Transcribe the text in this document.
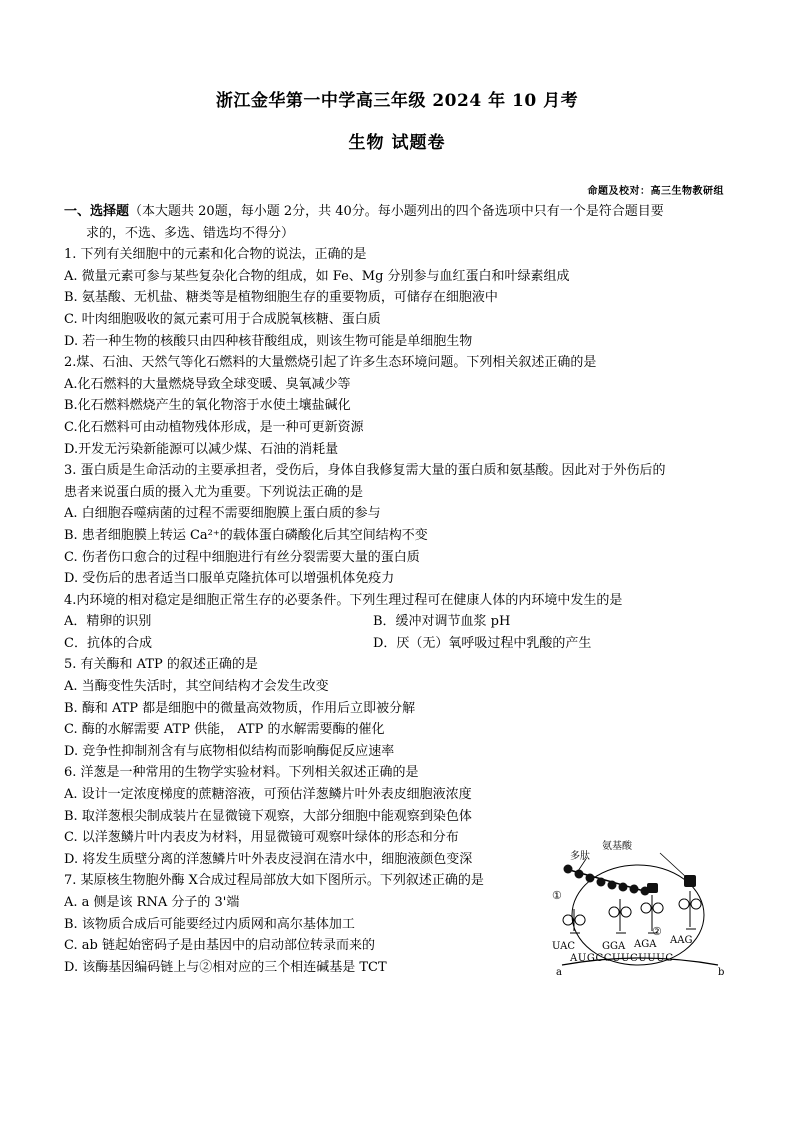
浙江金华第一中学高三年级 2024 年 10 月考
生物 试题卷
命题及校对：高三生物教研组
一、选择题（本大题共 20题，每小题 2分，共 40分。每小题列出的四个备选项中只有一个是符合题目要
求的，不选、多选、错选均不得分）
1. 下列有关细胞中的元素和化合物的说法，正确的是
A. 微量元素可参与某些复杂化合物的组成，如 Fe、Mg 分别参与血红蛋白和叶绿素组成
B. 氨基酸、无机盐、糖类等是植物细胞生存的重要物质，可储存在细胞液中
C. 叶肉细胞吸收的氮元素可用于合成脱氧核糖、蛋白质
D. 若一种生物的核酸只由四种核苷酸组成，则该生物可能是单细胞生物
2.煤、石油、天然气等化石燃料的大量燃烧引起了许多生态环境问题。下列相关叙述正确的是
A.化石燃料的大量燃烧导致全球变暖、臭氧减少等
B.化石燃料燃烧产生的氧化物溶于水使土壤盐碱化
C.化石燃料可由动植物残体形成，是一种可更新资源
D.开发无污染新能源可以减少煤、石油的消耗量
3. 蛋白质是生命活动的主要承担者，受伤后，身体自我修复需大量的蛋白质和氨基酸。因此对于外伤后的
患者来说蛋白质的摄入尤为重要。下列说法正确的是
A. 白细胞吞噬病菌的过程不需要细胞膜上蛋白质的参与
B. 患者细胞膜上转运 Ca²⁺的载体蛋白磷酸化后其空间结构不变
C. 伤者伤口愈合的过程中细胞进行有丝分裂需要大量的蛋白质
D. 受伤后的患者适当口服单克隆抗体可以增强机体免疫力
4.内环境的相对稳定是细胞正常生存的必要条件。下列生理过程可在健康人体的内环境中发生的是
A．精卵的识别	B．缓冲对调节血浆 pH
C．抗体的合成	D．厌（无）氧呼吸过程中乳酸的产生
5. 有关酶和 ATP 的叙述正确的是
A. 当酶变性失活时，其空间结构才会发生改变
B. 酶和 ATP 都是细胞中的微量高效物质，作用后立即被分解
C. 酶的水解需要 ATP 供能， ATP 的水解需要酶的催化
D. 竞争性抑制剂含有与底物相似结构而影响酶促反应速率
6. 洋葱是一种常用的生物学实验材料。下列相关叙述正确的是
A. 设计一定浓度梯度的蔗糖溶液，可预估洋葱鳞片叶外表皮细胞液浓度
B. 取洋葱根尖制成装片在显微镜下观察，大部分细胞中能观察到染色体
C. 以洋葱鳞片叶内表皮为材料，用显微镜可观察叶绿体的形态和分布
D. 将发生质壁分离的洋葱鳞片叶外表皮浸润在清水中，细胞液颜色变深
7. 某原核生物胞外酶 X合成过程局部放大如下图所示。下列叙述正确的是
A. a 侧是该 RNA 分子的 3'端
B. 该物质合成后可能要经过内质网和高尔基体加工
C. ab 链起始密码子是由基因中的启动部位转录而来的
D. 该酶基因编码链上与②相对应的三个相连碱基是 TCT
多肽
氨基酸
①
②
UAC	GGA AGA AAG
AUGCCUUCUUUC
a	b
